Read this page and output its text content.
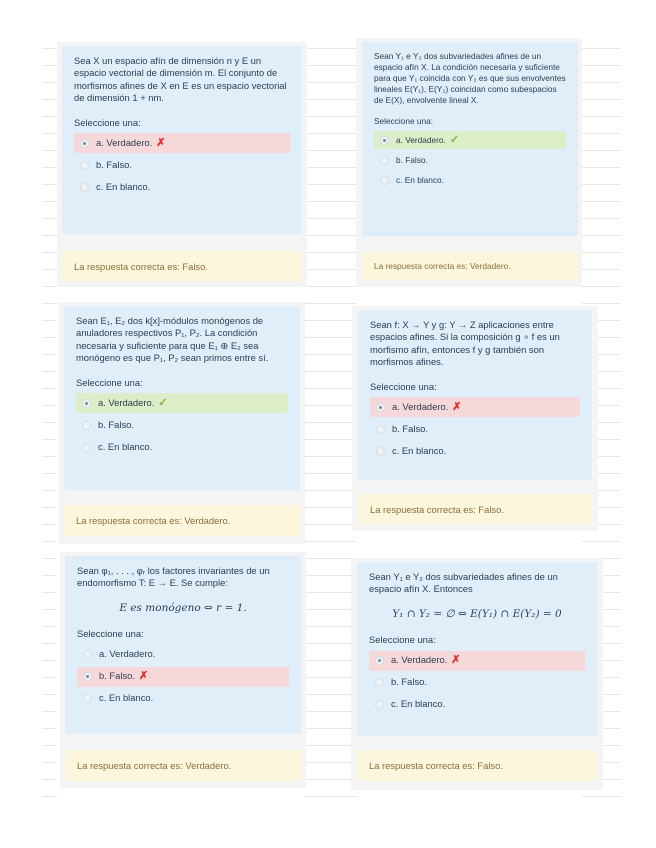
Sea X un espacio afín de dimensión n y E un espacio vectorial de dimensión m. El conjunto de morfismos afines de X en E es un espacio vectorial de dimensión 1 + nm.
Seleccione una:
a. Verdadero. ✗
b. Falso.
c. En blanco.
La respuesta correcta es: Falso.
Sean Y₁ e Y₂ dos subvariedades afines de un espacio afín X. La condición necesaria y suficiente para que Y₁ coincida con Y₂ es que sus envolventes lineales E(Y₁), E(Y₂) coincidan como subespacios de E(X), envolvente lineal X.
Seleccione una:
a. Verdadero. ✓
b. Falso.
c. En blanco.
La respuesta correcta es: Verdadero.
Sean E₁, E₂ dos k[x]-módulos monógenos de anuladores respectivos P₁, P₂. La condición necesaria y suficiente para que E₁ ⊕ E₂ sea monógeno es que P₁, P₂ sean primos entre sí.
Seleccione una:
a. Verdadero. ✓
b. Falso.
c. En blanco.
La respuesta correcta es: Verdadero.
Sean f: X → Y y g: Y → Z aplicaciones entre espacios afines. Si la composición g ∘ f es un morfismo afín, entonces f y g también son morfismos afines.
Seleccione una:
a. Verdadero. ✗
b. Falso.
c. En blanco.
La respuesta correcta es: Falso.
Sean φ₁, . . . , φᵣ los factores invariantes de un endomorfismo T: E → E. Se cumple:
E es monógeno ⇔ r = 1.
Seleccione una:
a. Verdadero.
b. Falso. ✗
c. En blanco.
La respuesta correcta es: Verdadero.
Sean Y₁ e Y₂ dos subvariedades afines de un espacio afín X. Entonces
Y₁ ∩ Y₂ = ∅ ⇔ E(Y₁) ∩ E(Y₂) = 0
Seleccione una:
a. Verdadero. ✗
b. Falso.
c. En blanco.
La respuesta correcta es: Falso.
